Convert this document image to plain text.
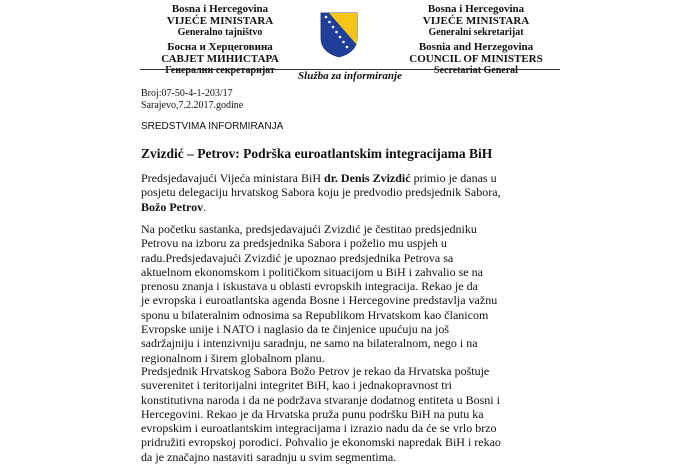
Bosna i Hercegovina
VIJEĆE MINISTARA
Generalno tajništvo
Босна и Херцеговина
САВЈЕТ МИНИСТАРА
Генерални секретаријат
Bosna i Hercegovina
VIJEĆE MINISTARA
Generalni sekretarijat
Bosnia and Herzegovina
COUNCIL OF MINISTERS
Secretariat General
Služba za informiranje
Broj:07-50-4-1-203/17
Sarajevo,7.2.2017.godine
SREDSTVIMA INFORMIRANJA
Zvizdić – Petrov: Podrška euroatlantskim integracijama BiH
Predsjedavajući Vijeća ministara BiH dr. Denis Zvizdić primio je danas u
posjetu delegaciju hrvatskog Sabora koju je predvodio predsjednik Sabora,
Božo Petrov.
Na početku sastanka, predsjedavajući Zvizdić je čestitao predsjedniku
Petrovu na izboru za predsjednika Sabora i poželio mu uspjeh u
radu.Predsjedavajući Zvizdić je upoznao predsjednika Petrova sa
aktuelnom ekonomskom i političkom situacijom u BiH i zahvalio se na
prenosu znanja i iskustava u oblasti evropskih integracija. Rekao je da
je evropska i euroatlantska agenda Bosne i Hercegovine predstavlja važnu
sponu u bilateralnim odnosima sa Republikom Hrvatskom kao članicom
Evropske unije i NATO i naglasio da te činjenice upućuju na još
sadržajniju i intenzivniju saradnju, ne samo na bilateralnom, nego i na
regionalnom i širem globalnom planu.
Predsjednik Hrvatskog Sabora Božo Petrov je rekao da Hrvatska poštuje
suverenitet i teritorijalni integritet BiH, kao i jednakopravnost tri
konstitutivna naroda i da ne podržava stvaranje dodatnog entiteta u Bosni i
Hercegovini. Rekao je da Hrvatska pruža punu podršku BiH na putu ka
evropskim i euroatlantskim integracijama i izrazio nadu da će se vrlo brzo
pridružiti evropskoj porodici. Pohvalio je ekonomski napredak BiH i rekao
da je značajno nastaviti saradnju u svim segmentima.
